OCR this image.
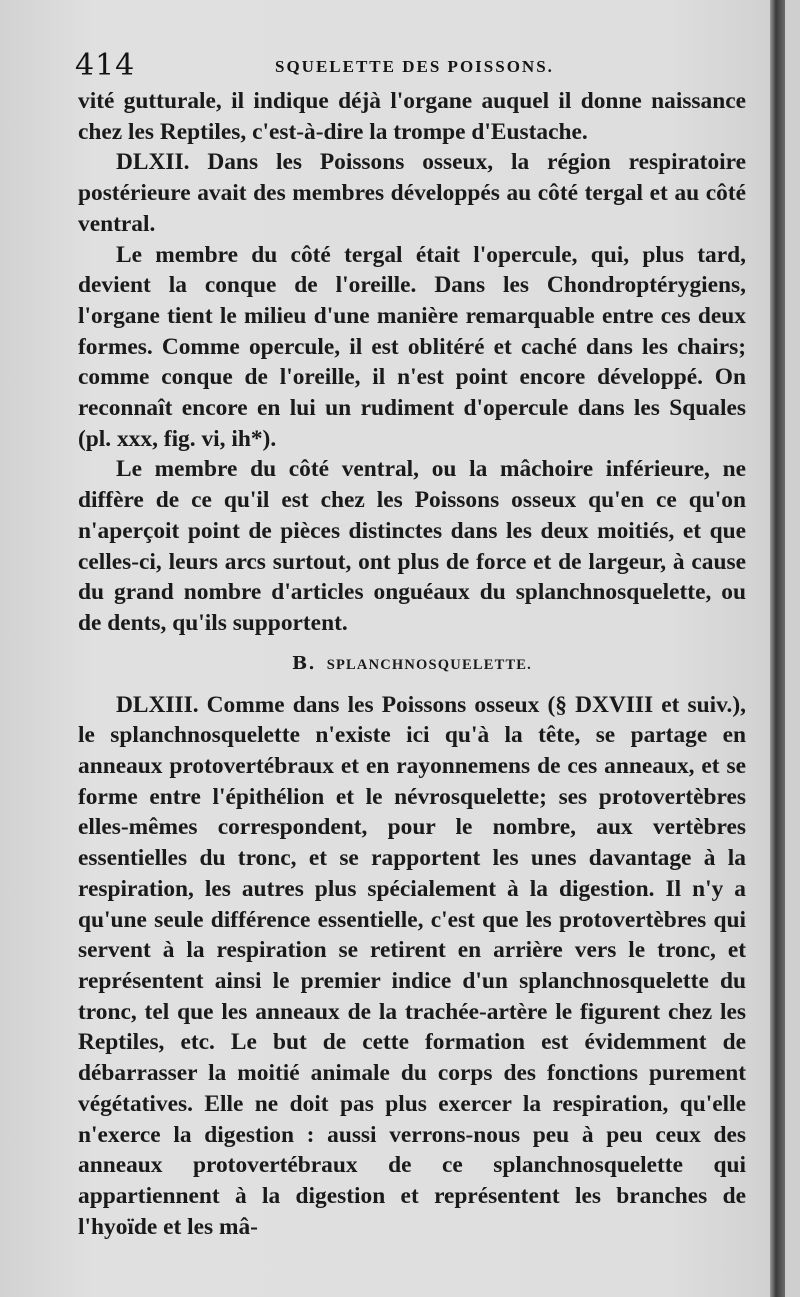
414	SQUELETTE DES POISSONS.

vité gutturale, il indique déjà l'organe auquel il donne naissance chez les Reptiles, c'est-à-dire la trompe d'Eustache.

DLXII. Dans les Poissons osseux, la région respiratoire postérieure avait des membres développés au côté tergal et au côté ventral.

Le membre du côté tergal était l'opercule, qui, plus tard, devient la conque de l'oreille. Dans les Chondroptérygiens, l'organe tient le milieu d'une manière remarquable entre ces deux formes. Comme opercule, il est oblitéré et caché dans les chairs; comme conque de l'oreille, il n'est point encore développé. On reconnaît encore en lui un rudiment d'opercule dans les Squales (pl. xxx, fig. vi, ih*).

Le membre du côté ventral, ou la mâchoire inférieure, ne diffère de ce qu'il est chez les Poissons osseux qu'en ce qu'on n'aperçoit point de pièces distinctes dans les deux moitiés, et que celles-ci, leurs arcs surtout, ont plus de force et de largeur, à cause du grand nombre d'articles onguéaux du splanchnosquelette, ou de dents, qu'ils supportent.

B. SPLANCHNOSQUELETTE.

DLXIII. Comme dans les Poissons osseux (§ DXVIII et suiv.), le splanchnosquelette n'existe ici qu'à la tête, se partage en anneaux protovertébraux et en rayonnemens de ces anneaux, et se forme entre l'épithélion et le névrosquelette; ses protovertèbres elles-mêmes correspondent, pour le nombre, aux vertèbres essentielles du tronc, et se rapportent les unes davantage à la respiration, les autres plus spécialement à la digestion. Il n'y a qu'une seule différence essentielle, c'est que les protovertèbres qui servent à la respiration se retirent en arrière vers le tronc, et représentent ainsi le premier indice d'un splanchnosquelette du tronc, tel que les anneaux de la trachée-artère le figurent chez les Reptiles, etc. Le but de cette formation est évidemment de débarrasser la moitié animale du corps des fonctions purement végétatives. Elle ne doit pas plus exercer la respiration, qu'elle n'exerce la digestion : aussi verrons-nous peu à peu ceux des anneaux protovertébraux de ce splanchnosquelette qui appartiennent à la digestion et représentent les branches de l'hyoïde et les mâ-
